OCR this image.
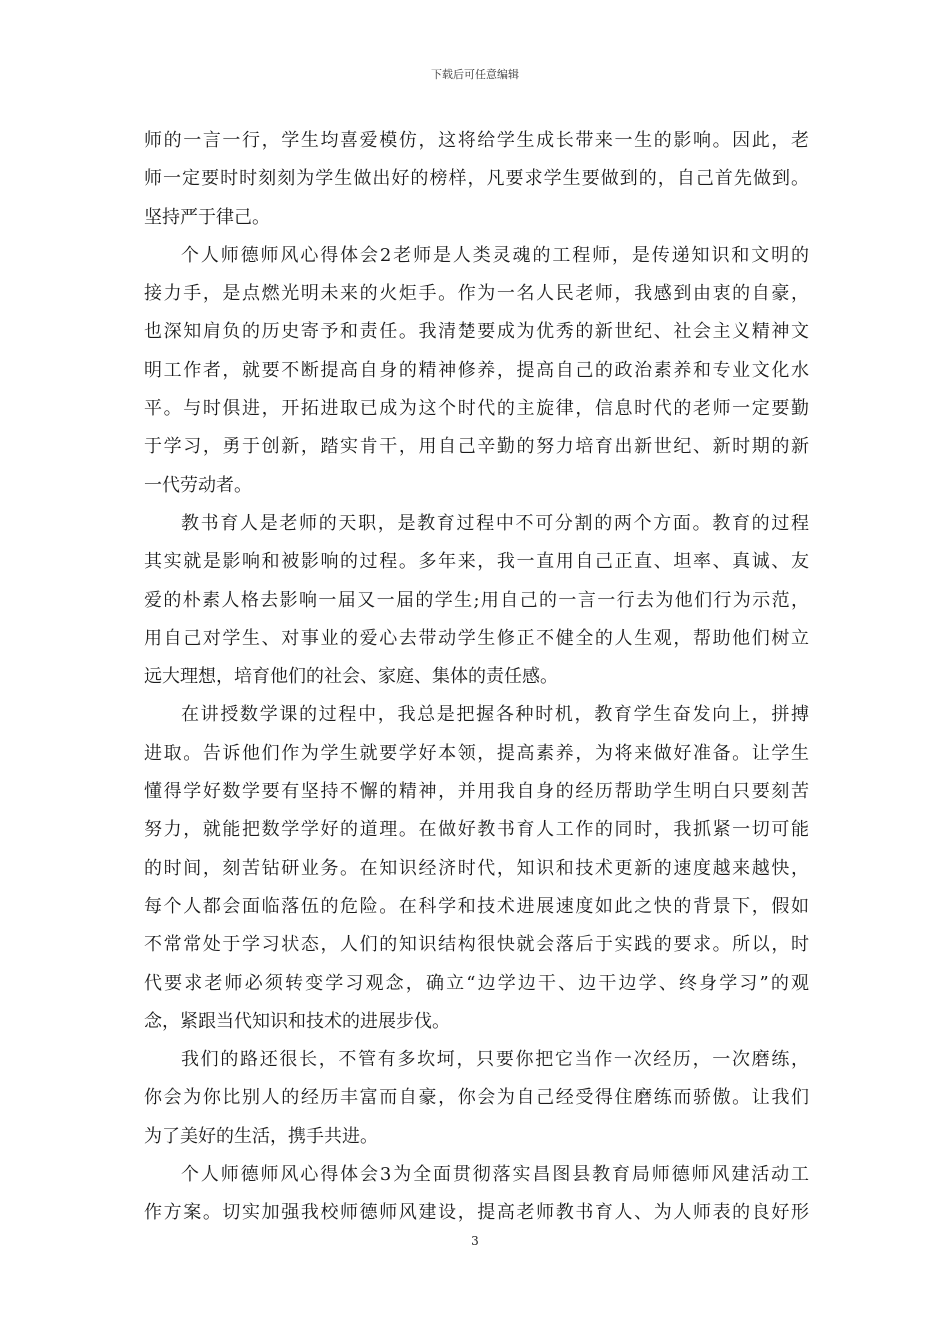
下载后可任意编辑
师的一言一行，学生均喜爱模仿，这将给学生成长带来一生的影响。因此，老
师一定要时时刻刻为学生做出好的榜样，凡要求学生要做到的，自己首先做到。
坚持严于律己。
个人师德师风心得体会2老师是人类灵魂的工程师，是传递知识和文明的
接力手，是点燃光明未来的火炬手。作为一名人民老师，我感到由衷的自豪，
也深知肩负的历史寄予和责任。我清楚要成为优秀的新世纪、社会主义精神文
明工作者，就要不断提高自身的精神修养，提高自己的政治素养和专业文化水
平。与时俱进，开拓进取已成为这个时代的主旋律，信息时代的老师一定要勤
于学习，勇于创新，踏实肯干，用自己辛勤的努力培育出新世纪、新时期的新
一代劳动者。
教书育人是老师的天职，是教育过程中不可分割的两个方面。教育的过程
其实就是影响和被影响的过程。多年来，我一直用自己正直、坦率、真诚、友
爱的朴素人格去影响一届又一届的学生;用自己的一言一行去为他们行为示范，
用自己对学生、对事业的爱心去带动学生修正不健全的人生观，帮助他们树立
远大理想，培育他们的社会、家庭、集体的责任感。
在讲授数学课的过程中，我总是把握各种时机，教育学生奋发向上，拼搏
进取。告诉他们作为学生就要学好本领，提高素养，为将来做好准备。让学生
懂得学好数学要有坚持不懈的精神，并用我自身的经历帮助学生明白只要刻苦
努力，就能把数学学好的道理。在做好教书育人工作的同时，我抓紧一切可能
的时间，刻苦钻研业务。在知识经济时代，知识和技术更新的速度越来越快，
每个人都会面临落伍的危险。在科学和技术进展速度如此之快的背景下，假如
不常常处于学习状态，人们的知识结构很快就会落后于实践的要求。所以，时
代要求老师必须转变学习观念，确立“边学边干、边干边学、终身学习”的观
念，紧跟当代知识和技术的进展步伐。
我们的路还很长，不管有多坎坷，只要你把它当作一次经历，一次磨练，
你会为你比别人的经历丰富而自豪，你会为自己经受得住磨练而骄傲。让我们
为了美好的生活，携手共进。
个人师德师风心得体会3为全面贯彻落实昌图县教育局师德师风建活动工
作方案。切实加强我校师德师风建设，提高老师教书育人、为人师表的良好形
3
